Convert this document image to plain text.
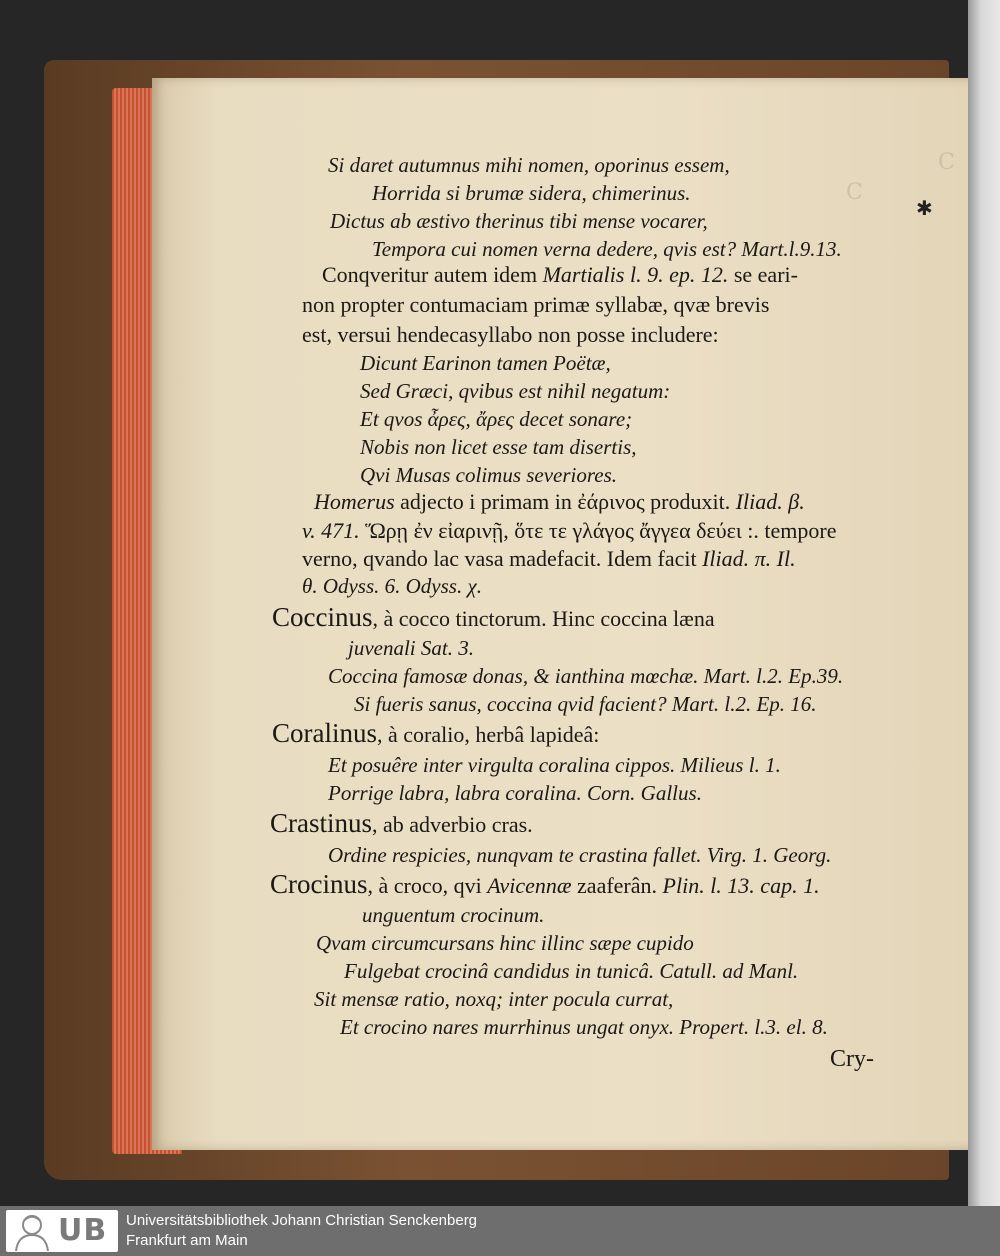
C
C
✱
Si daret autumnus mihi nomen, oporinus essem,
Horrida si brumæ sidera, chimerinus.
Dictus ab æstivo therinus tibi mense vocarer,
Tempora cui nomen verna dedere, qvis est? Mart.l.9.13.
Conqveritur autem idem Martialis l. 9. ep. 12. se eari-
non propter contumaciam primæ syllabæ, qvæ brevis
est, versui hendecasyllabo non posse includere:
Dicunt Earinon tamen Poëtæ,
Sed Græci, qvibus est nihil negatum:
Et qvos ἆρες, ἄρες decet sonare;
Nobis non licet esse tam disertis,
Qvi Musas colimus severiores.
Homerus adjecto i primam in ἐάρινος produxit. Iliad. β.
v. 471. Ὥρῃ ἐν εἰαρινῇ, ὅτε τε γλάγος ἄγγεα δεύει :. tempore
verno, qvando lac vasa madefacit. Idem facit Iliad. π. Il.
θ. Odyss. 6. Odyss. χ.
Coccinus, à cocco tinctorum. Hinc coccina læna
juvenali Sat. 3.
Coccina famosæ donas, & ianthina mœchæ. Mart. l.2. Ep.39.
Si fueris sanus, coccina qvid facient? Mart. l.2. Ep. 16.
Coralinus, à coralio, herbâ lapideâ:
Et posuêre inter virgulta coralina cippos. Milieus l. 1.
Porrige labra, labra coralina. Corn. Gallus.
Crastinus, ab adverbio cras.
Ordine respicies, nunqvam te crastina fallet. Virg. 1. Georg.
Crocinus, à croco, qvi Avicennæ zaaferân. Plin. l. 13. cap. 1.
unguentum crocinum.
Qvam circumcursans hinc illinc sæpe cupido
Fulgebat crocinâ candidus in tunicâ. Catull. ad Manl.
Sit mensæ ratio, noxq; inter pocula currat,
Et crocino nares murrhinus ungat onyx. Propert. l.3. el. 8.
Cry-
UB Universitätsbibliothek Johann Christian Senckenberg
Frankfurt am Main
